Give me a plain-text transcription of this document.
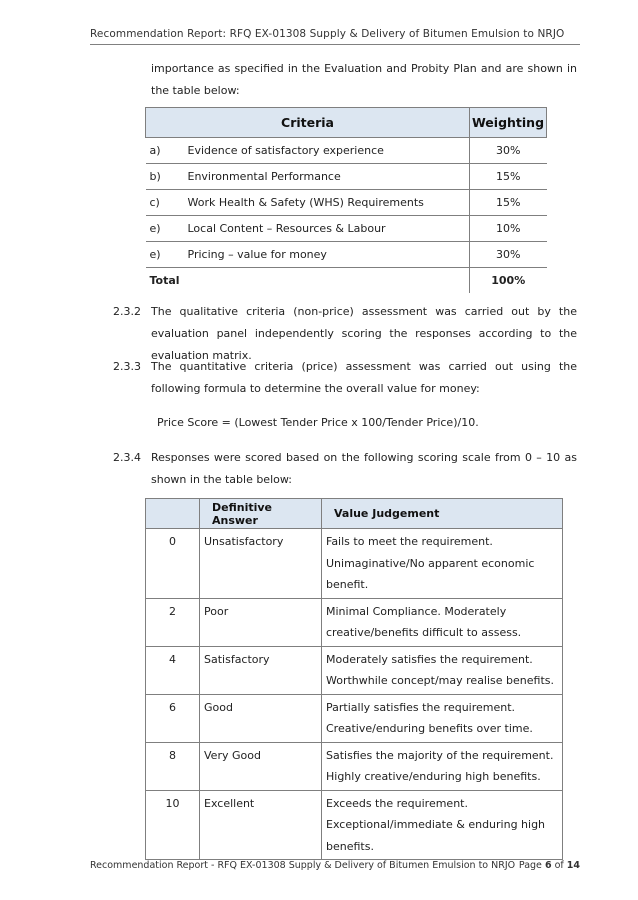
Recommendation Report: RFQ EX-01308 Supply & Delivery of Bitumen Emulsion to NRJO
importance as specified in the Evaluation and Probity Plan and are shown in the table below:
Criteria		Weighting
a)	Evidence of satisfactory experience	30%
b)	Environmental Performance	15%
c)	Work Health & Safety (WHS) Requirements	15%
e)	Local Content – Resources & Labour	10%
e)	Pricing – value for money	30%
Total		100%
2.3.2 The qualitative criteria (non-price) assessment was carried out by the evaluation panel independently scoring the responses according to the evaluation matrix.
2.3.3 The quantitative criteria (price) assessment was carried out using the following formula to determine the overall value for money:
Price Score = (Lowest Tender Price x 100/Tender Price)/10.
2.3.4 Responses were scored based on the following scoring scale from 0 – 10 as shown in the table below:
	Definitive Answer	Value Judgement
0	Unsatisfactory	Fails to meet the requirement.
Unimaginative/No apparent economic benefit.

2	Poor	Minimal Compliance. Moderately
creative/benefits difficult to assess.

4	Satisfactory	Moderately satisfies the requirement.
Worthwhile concept/may realise benefits.

6	Good	Partially satisfies the requirement.
Creative/enduring benefits over time.

8	Very Good	Satisfies the majority of the requirement.
Highly creative/enduring high benefits.

10	Excellent	Exceeds the requirement.
Exceptional/immediate & enduring high
benefits.
Recommendation Report - RFQ EX-01308 Supply & Delivery of Bitumen Emulsion to NRJO Page 6 of 14
